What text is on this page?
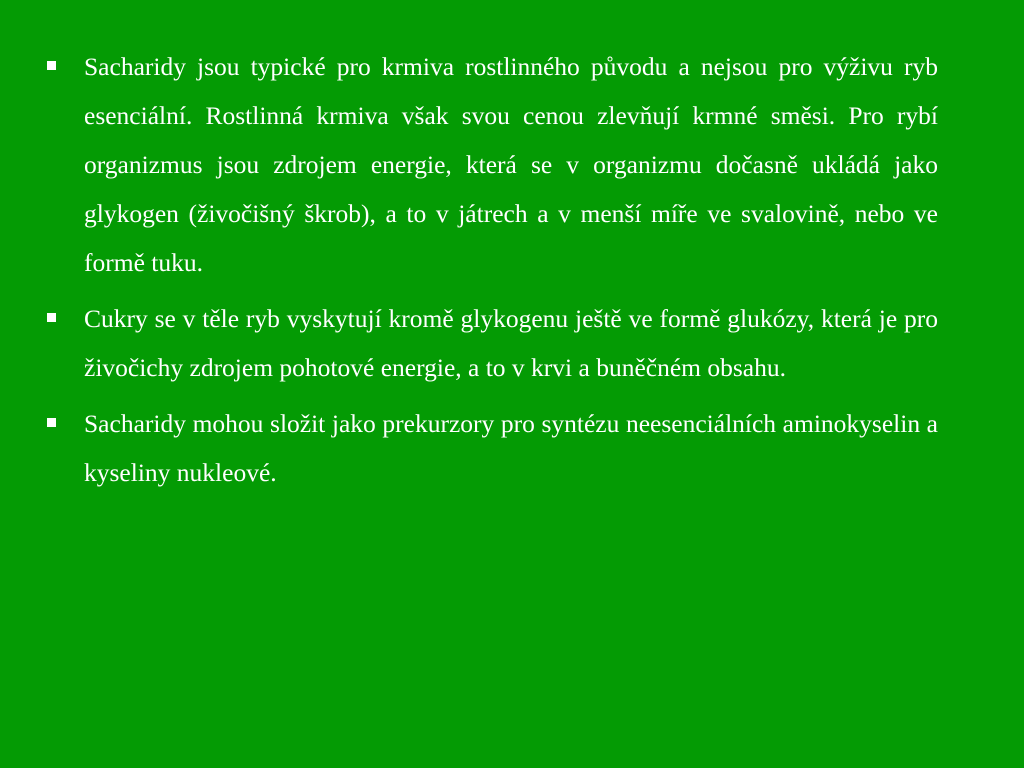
Sacharidy jsou typické pro krmiva rostlinného původu a nejsou pro výživu ryb esenciální. Rostlinná krmiva však svou cenou zlevňují krmné směsi. Pro rybí organizmus jsou zdrojem energie, která se v organizmu dočasně ukládá jako glykogen (živočišný škrob), a to v játrech a v menší míře ve svalovině, nebo ve formě tuku.
Cukry se v těle ryb vyskytují kromě glykogenu ještě ve formě glukózy, která je pro živočichy zdrojem pohotové energie, a to v krvi a buněčném obsahu.
Sacharidy mohou složit jako prekurzory pro syntézu neesenciálních aminokyselin a kyseliny nukleové.
